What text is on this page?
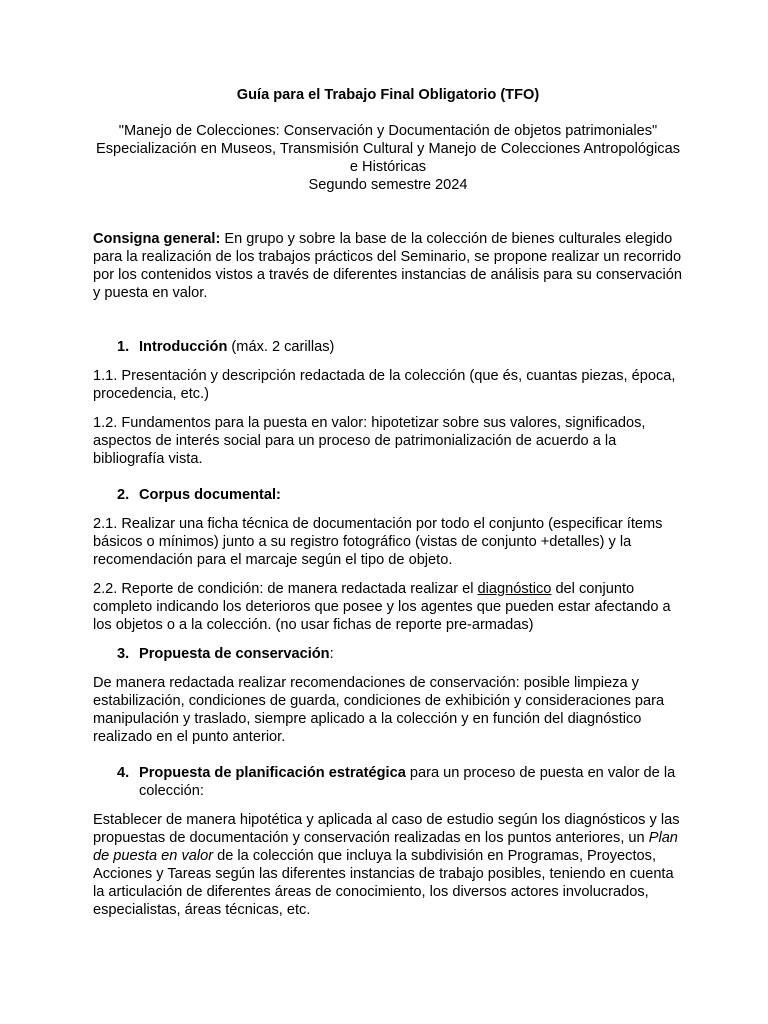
Guía para el Trabajo Final Obligatorio (TFO)

"Manejo de Colecciones: Conservación y Documentación de objetos patrimoniales"
Especialización en Museos, Transmisión Cultural y Manejo de Colecciones Antropológicas e Históricas
Segundo semestre 2024

Consigna general: En grupo y sobre la base de la colección de bienes culturales elegido para la realización de los trabajos prácticos del Seminario, se propone realizar un recorrido por los contenidos vistos a través de diferentes instancias de análisis para su conservación y puesta en valor.

1. Introducción (máx. 2 carillas)

1.1. Presentación y descripción redactada de la colección (que és, cuantas piezas, época, procedencia, etc.)

1.2. Fundamentos para la puesta en valor: hipotetizar sobre sus valores, significados, aspectos de interés social para un proceso de patrimonialización de acuerdo a la bibliografía vista.

2. Corpus documental:

2.1. Realizar una ficha técnica de documentación por todo el conjunto (especificar ítems básicos o mínimos) junto a su registro fotográfico (vistas de conjunto +detalles) y la recomendación para el marcaje según el tipo de objeto.

2.2. Reporte de condición: de manera redactada realizar el diagnóstico del conjunto completo indicando los deterioros que posee y los agentes que pueden estar afectando a los objetos o a la colección. (no usar fichas de reporte pre-armadas)

3. Propuesta de conservación:

De manera redactada realizar recomendaciones de conservación: posible limpieza y estabilización, condiciones de guarda, condiciones de exhibición y consideraciones para manipulación y traslado, siempre aplicado a la colección y en función del diagnóstico realizado en el punto anterior.

4. Propuesta de planificación estratégica para un proceso de puesta en valor de la colección:

Establecer de manera hipotética y aplicada al caso de estudio según los diagnósticos y las propuestas de documentación y conservación realizadas en los puntos anteriores, un Plan de puesta en valor de la colección que incluya la subdivisión en Programas, Proyectos, Acciones y Tareas según las diferentes instancias de trabajo posibles, teniendo en cuenta la articulación de diferentes áreas de conocimiento, los diversos actores involucrados, especialistas, áreas técnicas, etc.
